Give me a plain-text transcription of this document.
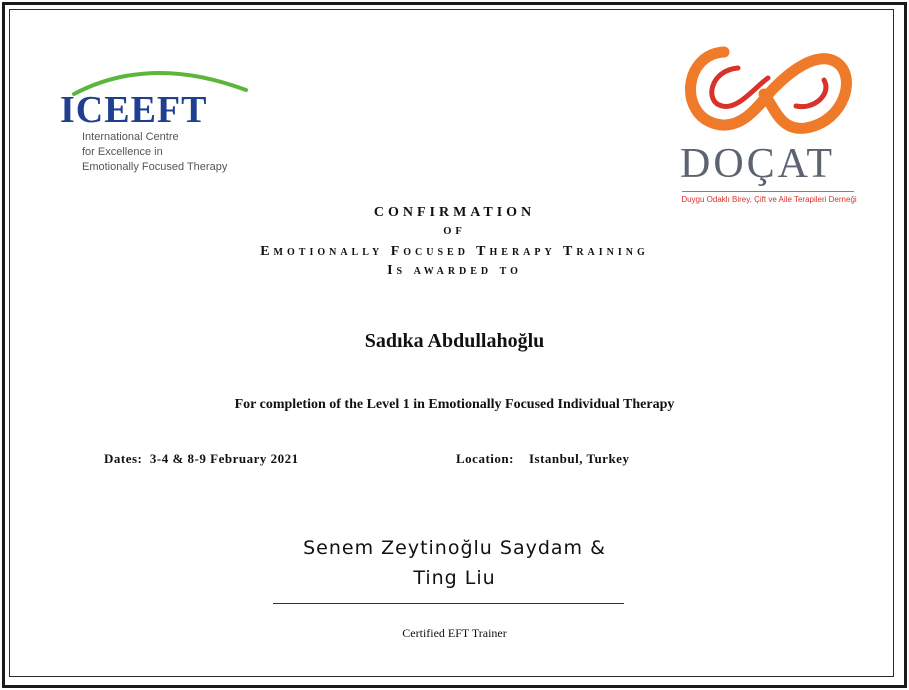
ICEEFT
International Centre
for Excellence in
Emotionally Focused Therapy	DOÇAT
Duygu Odaklı Birey, Çift ve Aile Terapileri Derneği
CONFIRMATION
OF
Emotionally Focused Therapy Training
Is awarded to
Sadıka Abdullahoğlu
For completion of the Level 1 in Emotionally Focused Individual Therapy
Dates: 3-4 & 8-9 February 2021	Location: Istanbul, Turkey
Senem Zeytinoğlu Saydam &
Ting Liu
Certified EFT Trainer
